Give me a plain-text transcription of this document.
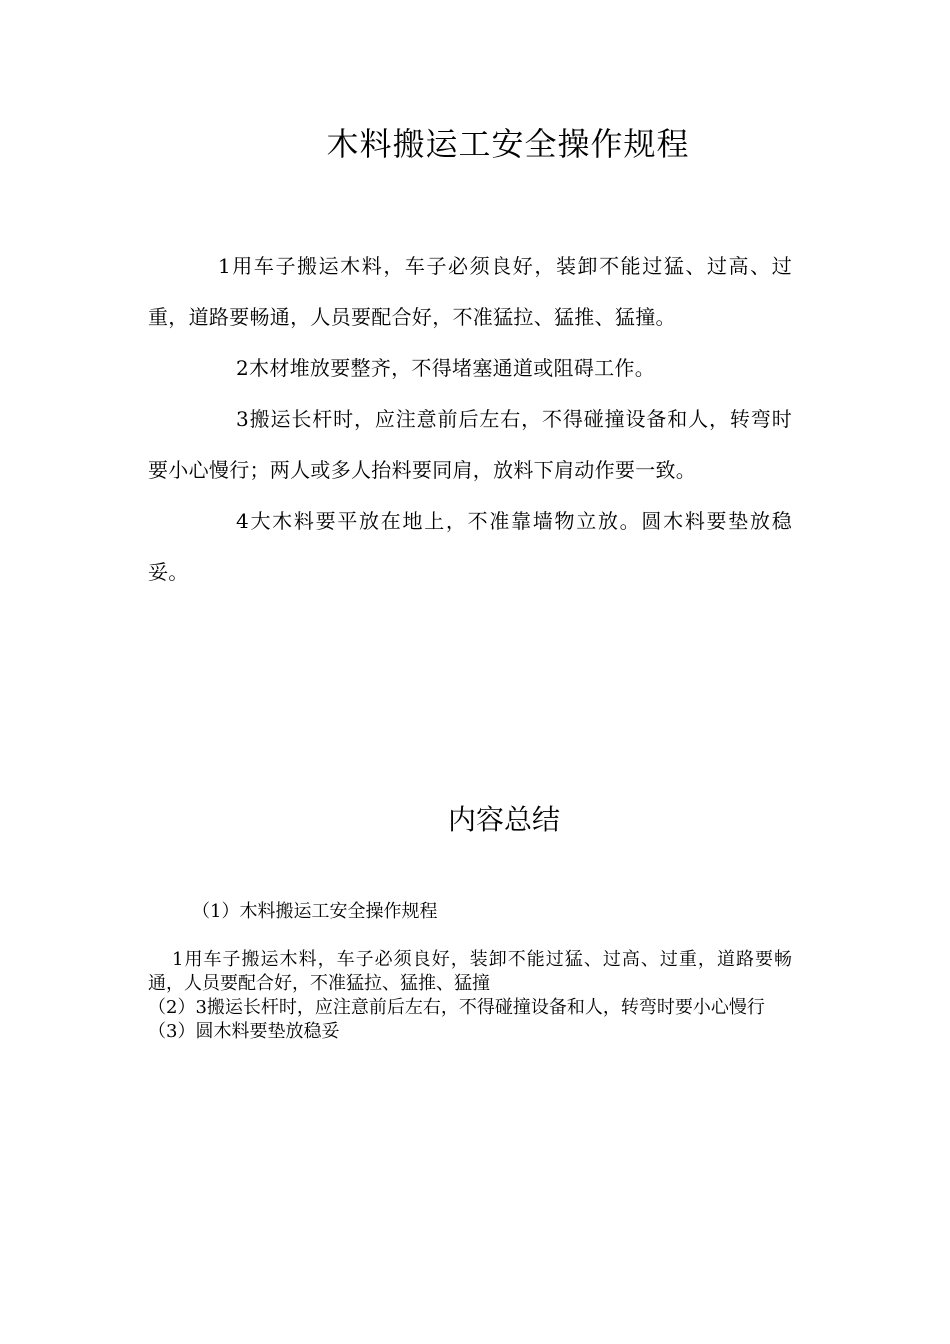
木料搬运工安全操作规程

1用车子搬运木料，车子必须良好，装卸不能过猛、过高、过重，道路要畅通，人员要配合好，不准猛拉、猛推、猛撞。

2木材堆放要整齐，不得堵塞通道或阻碍工作。

3搬运长杆时，应注意前后左右，不得碰撞设备和人，转弯时要小心慢行；两人或多人抬料要同肩，放料下肩动作要一致。

4大木料要平放在地上，不准靠墙物立放。圆木料要垫放稳妥。

内容总结

（1）木料搬运工安全操作规程

1用车子搬运木料，车子必须良好，装卸不能过猛、过高、过重，道路要畅通，人员要配合好，不准猛拉、猛推、猛撞

（2）3搬运长杆时，应注意前后左右，不得碰撞设备和人，转弯时要小心慢行

（3）圆木料要垫放稳妥
